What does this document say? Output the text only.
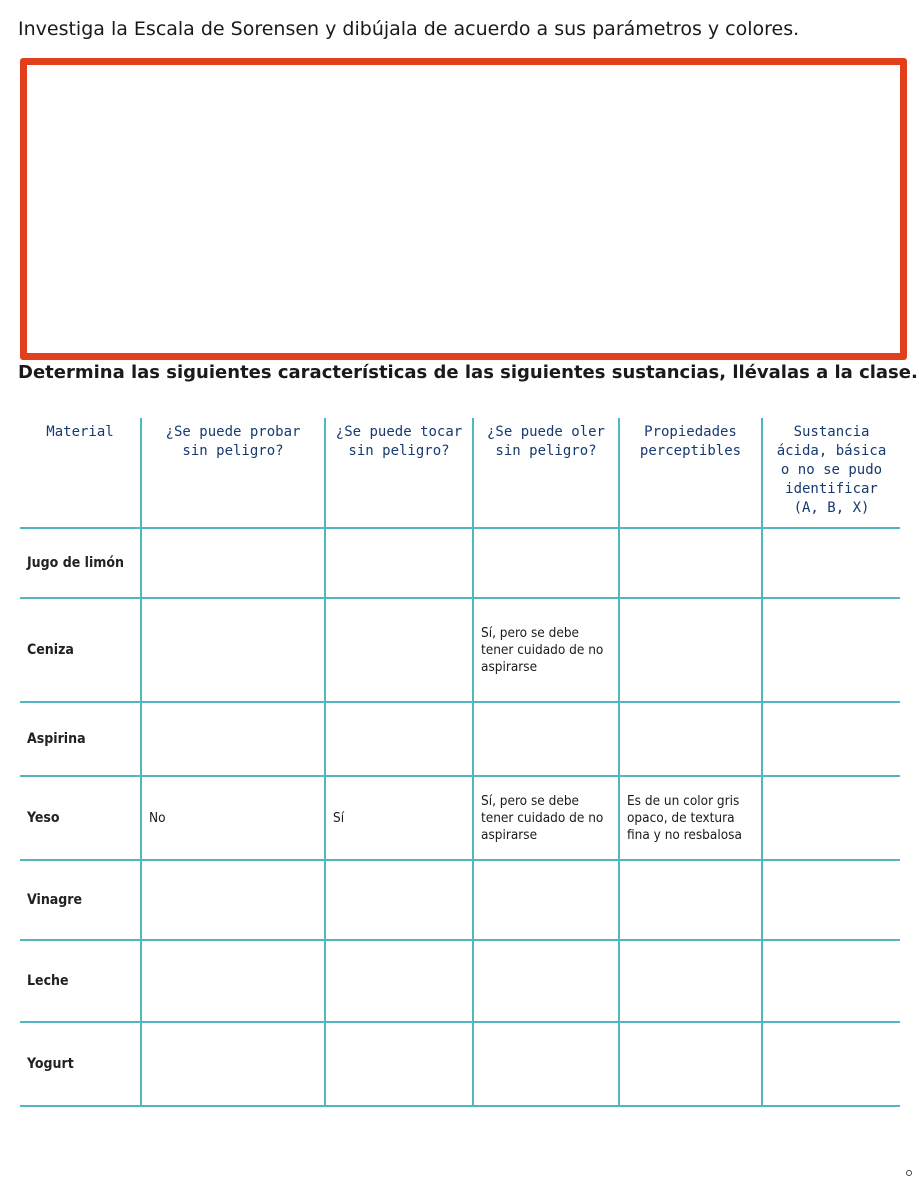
Investiga la Escala de Sorensen y dibújala de acuerdo a sus parámetros y colores.
Determina las siguientes características de las siguientes sustancias, llévalas a la clase.
Material	¿Se puede probar sin peligro?	¿Se puede tocar sin peligro?	¿Se puede oler sin peligro?	Propiedades perceptibles	Sustancia ácida, básica o no se pudo identificar (A, B, X)
Jugo de limón					
Ceniza			Sí, pero se debe tener cuidado de no aspirarse		
Aspirina					
Yeso	No	Sí	Sí, pero se debe tener cuidado de no aspirarse	Es de un color gris opaco, de textura fina y no resbalosa	
Vinagre					
Leche					
Yogurt					
